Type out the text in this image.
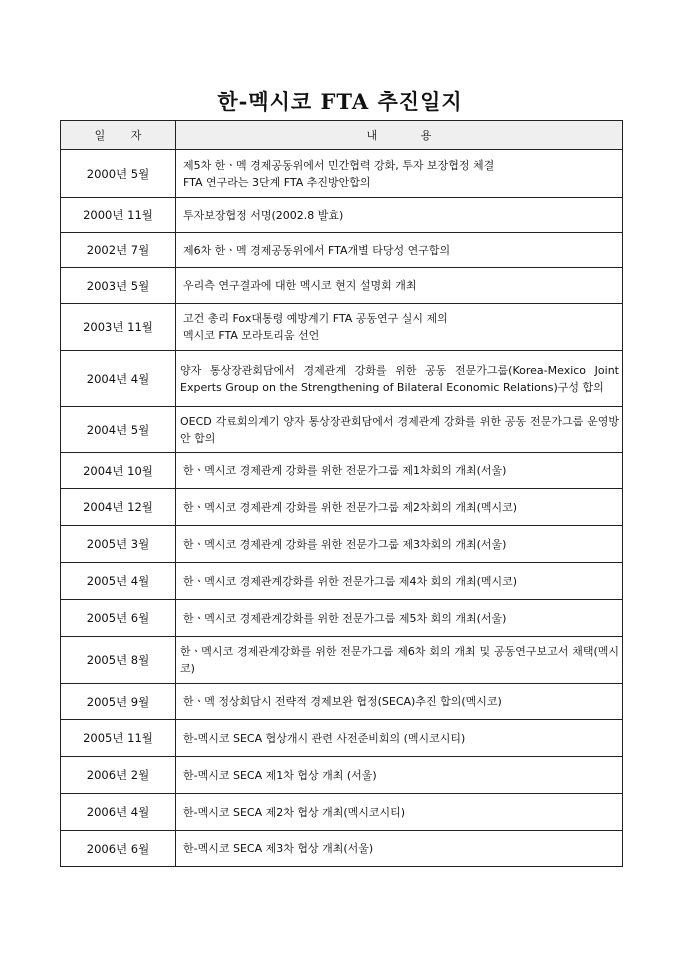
한-멕시코 FTA 추진일지
일 자	내 용
2000년 5월	제5차 한ㆍ멕 경제공동위에서 민간협력 강화, 투자 보장협정 체결
FTA 연구라는 3단계 FTA 추진방안합의

2000년 11월	투자보장협정 서명(2002.8 발효)

2002년 7월	제6차 한ㆍ멕 경제공동위에서 FTA개별 타당성 연구합의

2003년 5월	우리측 연구결과에 대한 멕시코 현지 설명회 개최

2003년 11월	고건 총리 Fox대통령 예방계기 FTA 공동연구 실시 제의
멕시코 FTA 모라토리움 선언

2004년 4월	양자 통상장관회담에서 경제관계 강화를 위한 공동 전문가그룹(Korea-Mexico Joint Experts Group on the Strengthening of Bilateral Economic Relations)구성 합의

2004년 5월	OECD 각료회의계기 양자 통상장관회담에서 경제관계 강화를 위한 공동 전문가그룹 운영방안 합의

2004년 10월	한ㆍ멕시코 경제관계 강화를 위한 전문가그룹 제1차회의 개최(서울)

2004년 12월	한ㆍ멕시코 경제관계 강화를 위한 전문가그룹 제2차회의 개최(멕시코)

2005년 3월	한ㆍ멕시코 경제관계 강화를 위한 전문가그룹 제3차회의 개최(서울)

2005년 4월	한ㆍ멕시코 경제관계강화를 위한 전문가그룹 제4차 회의 개최(멕시코)

2005년 6월	한ㆍ멕시코 경제관계강화를 위한 전문가그룹 제5차 회의 개최(서울)

2005년 8월	한ㆍ멕시코 경제관계강화를 위한 전문가그룹 제6차 회의 개최 및 공동연구보고서 채택(멕시코)

2005년 9월	한ㆍ멕 정상회담시 전략적 경제보완 협정(SECA)추진 합의(멕시코)

2005년 11월	한-멕시코 SECA 협상개시 관련 사전준비회의 (멕시코시티)

2006년 2월	한-멕시코 SECA 제1차 협상 개최 (서울)

2006년 4월	한-멕시코 SECA 제2차 협상 개최(멕시코시티)

2006년 6월	한-멕시코 SECA 제3차 협상 개최(서울)
